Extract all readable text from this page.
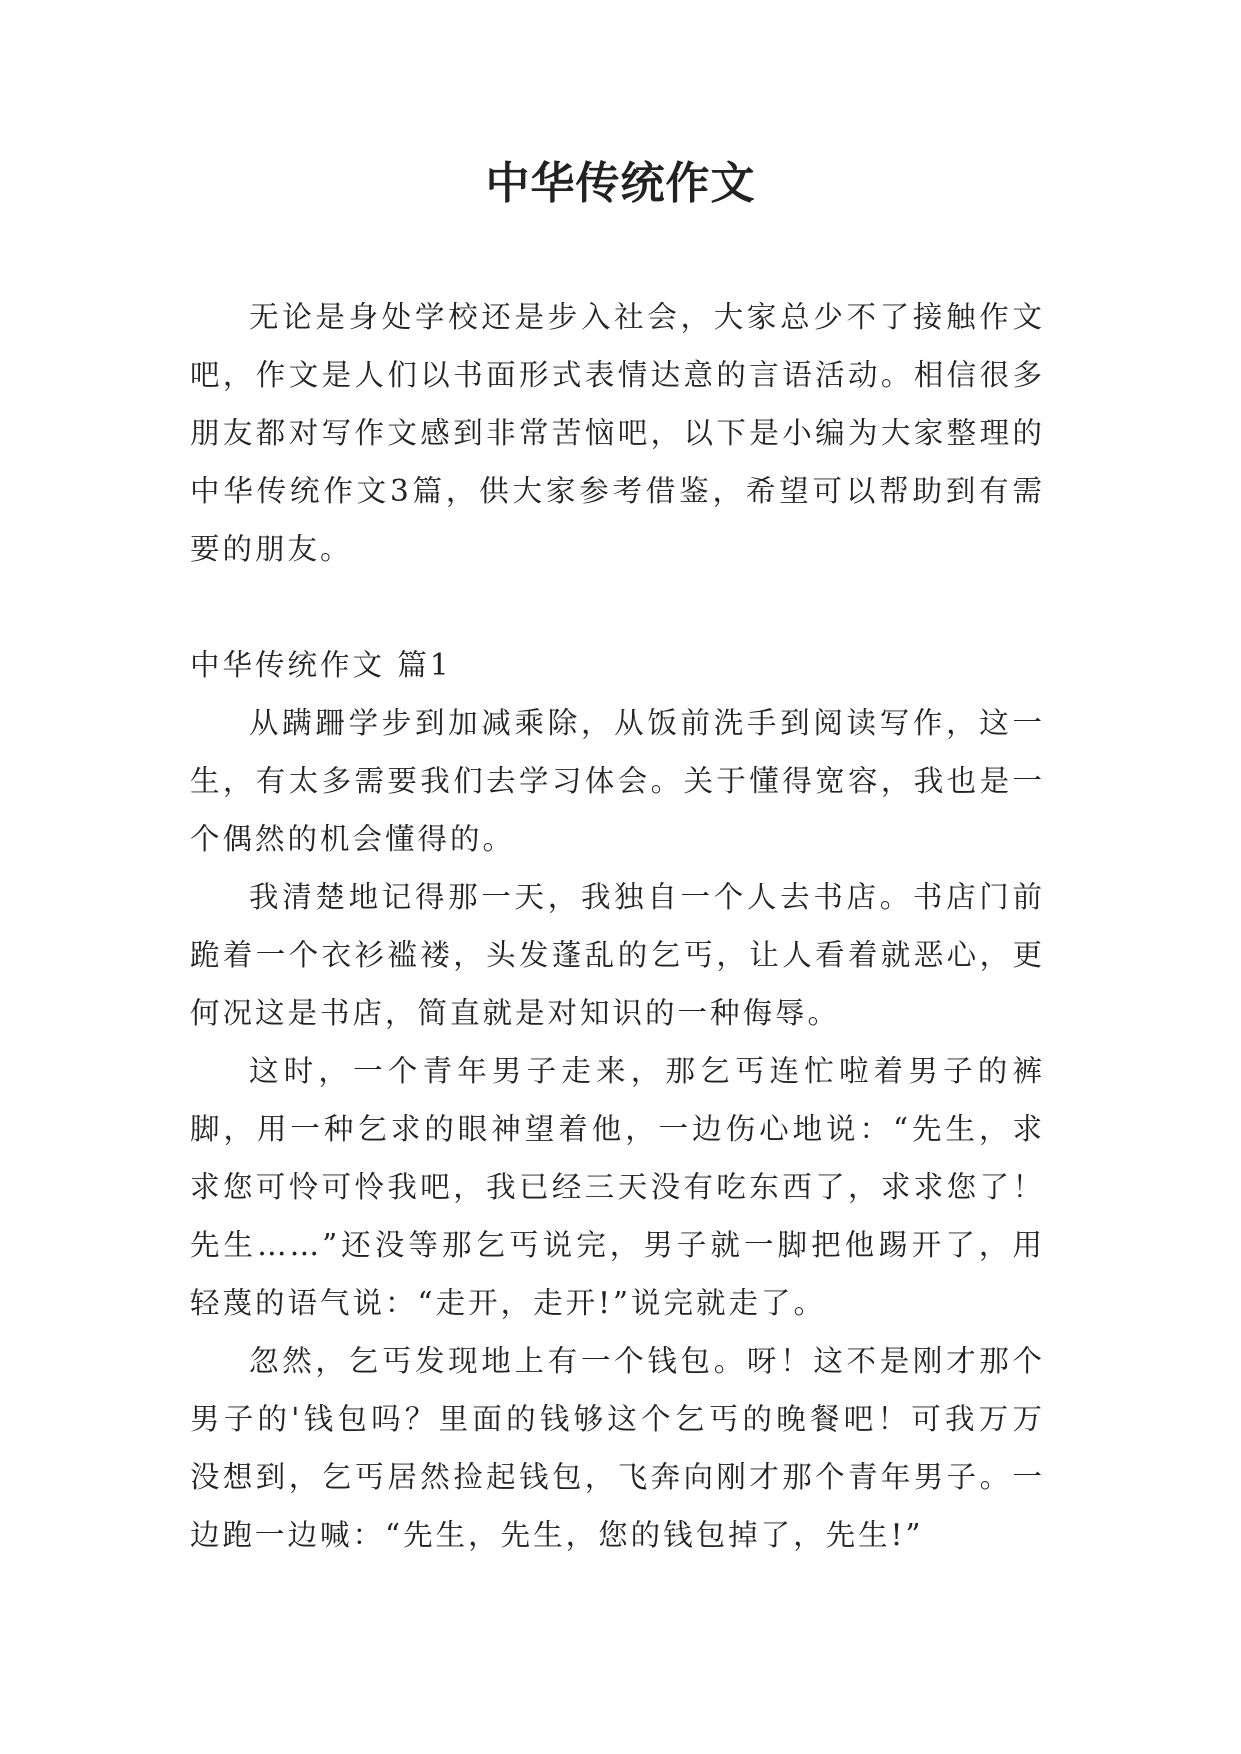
中华传统作文

无论是身处学校还是步入社会，大家总少不了接触作文吧，作文是人们以书面形式表情达意的言语活动。相信很多朋友都对写作文感到非常苦恼吧，以下是小编为大家整理的中华传统作文3篇，供大家参考借鉴，希望可以帮助到有需要的朋友。

中华传统作文 篇1

从蹒跚学步到加减乘除，从饭前洗手到阅读写作，这一生，有太多需要我们去学习体会。关于懂得宽容，我也是一个偶然的机会懂得的。

我清楚地记得那一天，我独自一个人去书店。书店门前跪着一个衣衫褴褛，头发蓬乱的乞丐，让人看着就恶心，更何况这是书店，简直就是对知识的一种侮辱。

这时，一个青年男子走来，那乞丐连忙啦着男子的裤脚，用一种乞求的眼神望着他，一边伤心地说：“先生，求求您可怜可怜我吧，我已经三天没有吃东西了，求求您了！先生……”还没等那乞丐说完，男子就一脚把他踢开了，用轻蔑的语气说：“走开，走开!”说完就走了。

忽然，乞丐发现地上有一个钱包。呀！这不是刚才那个男子的'钱包吗？里面的钱够这个乞丐的晚餐吧！可我万万没想到，乞丐居然捡起钱包，飞奔向刚才那个青年男子。一边跑一边喊：“先生，先生，您的钱包掉了，先生!”
